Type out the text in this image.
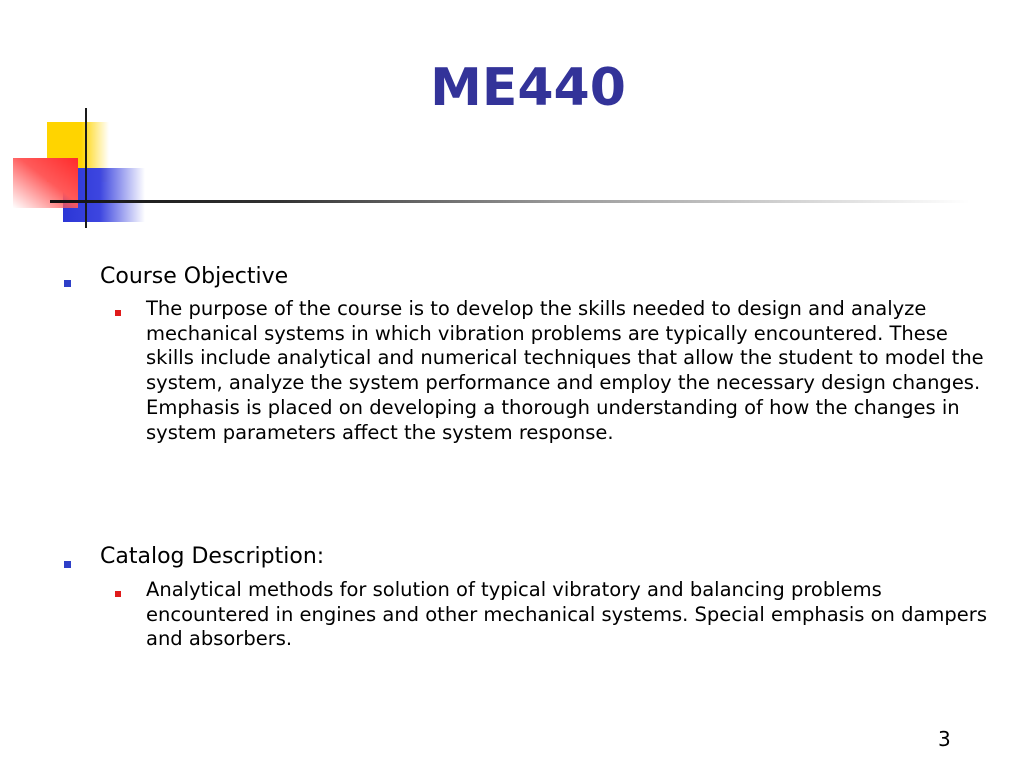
ME440
Course Objective
The purpose of the course is to develop the skills needed to design and analyze mechanical systems in which vibration problems are typically encountered. These skills include analytical and numerical techniques that allow the student to model the system, analyze the system performance and employ the necessary design changes. Emphasis is placed on developing a thorough understanding of how the changes in system parameters affect the system response.
Catalog Description:
Analytical methods for solution of typical vibratory and balancing problems encountered in engines and other mechanical systems. Special emphasis on dampers and absorbers.
3
